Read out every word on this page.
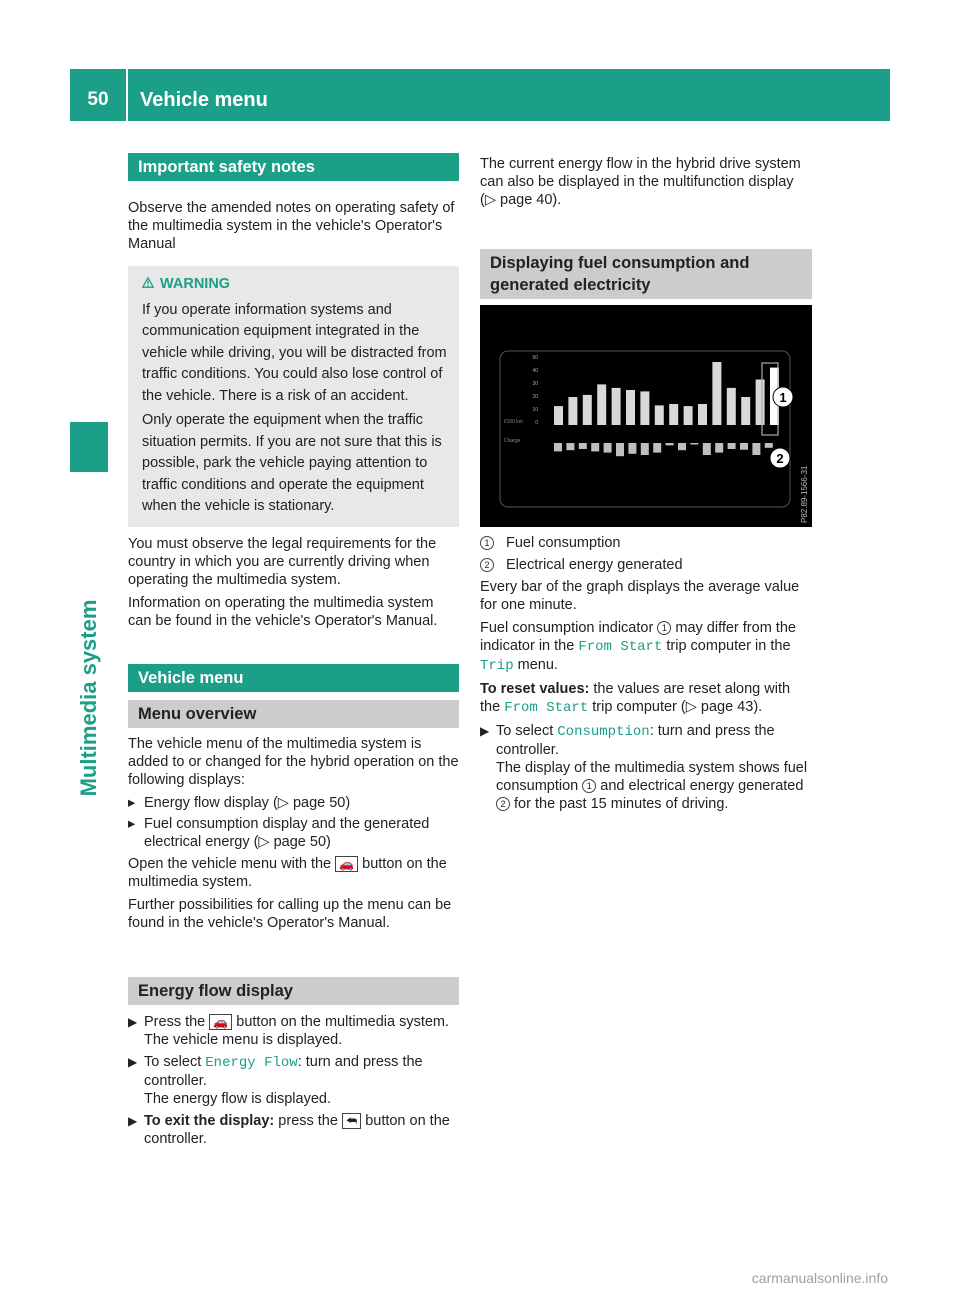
50	Vehicle menu
Multimedia system
Important safety notes

Observe the amended notes on operating safety of the multimedia system in the vehicle's Operator's Manual

WARNING

If you operate information systems and communication equipment integrated in the vehicle while driving, you will be distracted from traffic conditions. You could also lose control of the vehicle. There is a risk of an accident.

Only operate the equipment when the traffic situation permits. If you are not sure that this is possible, park the vehicle paying attention to traffic conditions and operate the equipment when the vehicle is stationary.

You must observe the legal requirements for the country in which you are currently driving when operating the multimedia system.

Information on operating the multimedia system can be found in the vehicle's Operator's Manual.

Vehicle menu
Menu overview

The vehicle menu of the multimedia system is added to or changed for the hybrid operation on the following displays:

▸ Energy flow display (▷ page 50)
▸ Fuel consumption display and the generated electrical energy (▷ page 50)

Open the vehicle menu with the 🚗 button on the multimedia system.

Further possibilities for calling up the menu can be found in the vehicle's Operator's Manual.

Energy flow display
▶ Press the 🚗 button on the multimedia system.
The vehicle menu is displayed.
▶ To select Energy Flow: turn and press the controller.
The energy flow is displayed.
▶ To exit the display: press the ⮪ button on the controller.

The current energy flow in the hybrid drive system can also be displayed in the multifunction display (▷ page 40).

Displaying fuel consumption and generated electricity
50
40
30
20
10
0
l/100 km
Charge
1
2
P82.89-1566-31
1	Fuel consumption
2	Electrical energy generated

Every bar of the graph displays the average value for one minute.

Fuel consumption indicator 1 may differ from the indicator in the From Start trip computer in the Trip menu.

To reset values: the values are reset along with the From Start trip computer (▷ page 43).

▶ To select Consumption: turn and press the controller.
The display of the multimedia system shows fuel consumption 1 and electrical energy generated 2 for the past 15 minutes of driving.
carmanualsonline.info
